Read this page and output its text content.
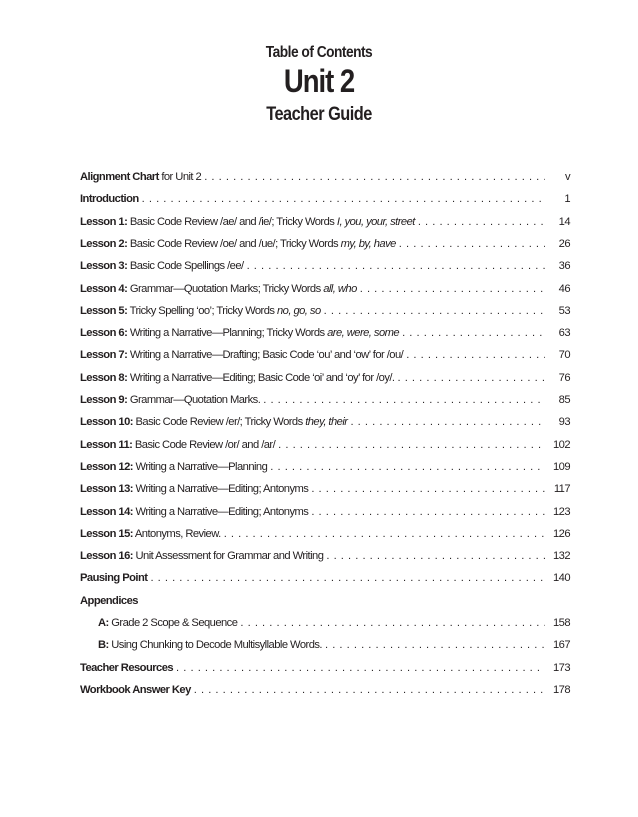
Table of Contents
Unit 2
Teacher Guide
Alignment Chart for Unit 2 . . .	v
Introduction . . .	1
Lesson 1: Basic Code Review /ae/ and /ie/; Tricky Words I, you, your, street . . .	14
Lesson 2: Basic Code Review /oe/ and /ue/; Tricky Words my, by, have . . .	26
Lesson 3: Basic Code Spellings /ee/ . . .	36
Lesson 4: Grammar—Quotation Marks; Tricky Words all, who . . .	46
Lesson 5: Tricky Spelling ‘oo’; Tricky Words no, go, so . . .	53
Lesson 6: Writing a Narrative—Planning; Tricky Words are, were, some . . .	63
Lesson 7: Writing a Narrative—Drafting; Basic Code ‘ou’ and ‘ow’ for /ou/ . . .	70
Lesson 8: Writing a Narrative—Editing; Basic Code ‘oi’ and ‘oy’ for /oy/. . . .	76
Lesson 9: Grammar—Quotation Marks. . . .	85
Lesson 10: Basic Code Review /er/; Tricky Words they, their . . .	93
Lesson 11: Basic Code Review /or/ and /ar/ . . .	102
Lesson 12: Writing a Narrative—Planning . . .	109
Lesson 13: Writing a Narrative—Editing; Antonyms . . .	117
Lesson 14: Writing a Narrative—Editing; Antonyms . . .	123
Lesson 15: Antonyms, Review. . . .	126
Lesson 16: Unit Assessment for Grammar and Writing . . .	132
Pausing Point . . .	140
Appendices
A: Grade 2 Scope & Sequence . . .	158
B: Using Chunking to Decode Multisyllable Words. . . .	167
Teacher Resources . . .	173
Workbook Answer Key . . .	178
